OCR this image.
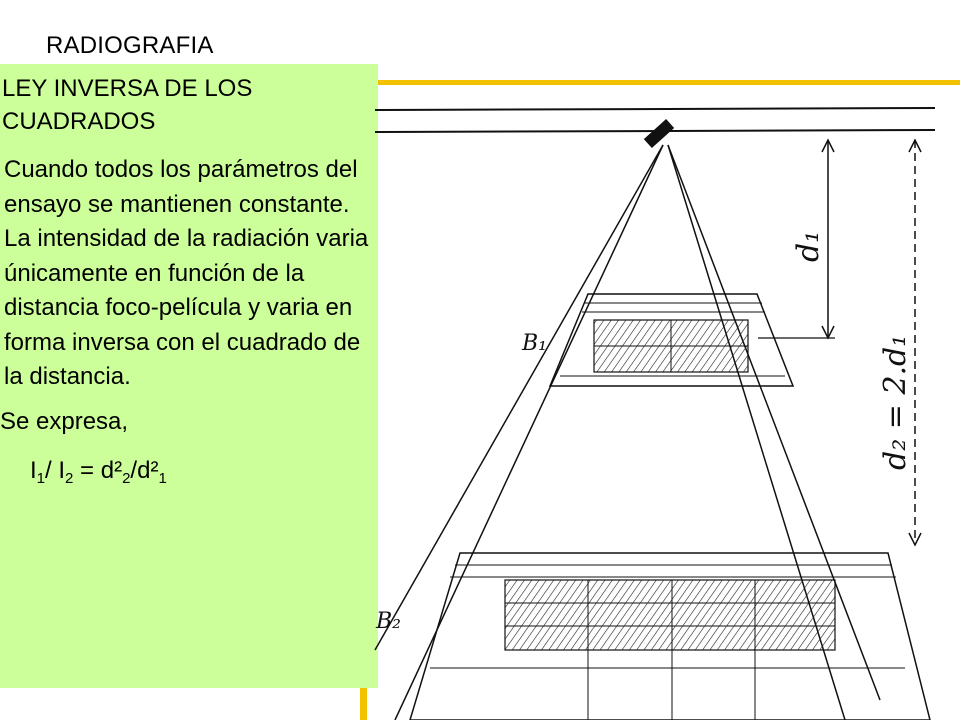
RADIOGRAFIA
LEY INVERSA DE LOS CUADRADOS
Cuando todos los parámetros del ensayo se mantienen constante. La intensidad de la radiación varia únicamente en función de la distancia foco-película y varia en forma inversa con el cuadrado de la distancia.
Se expresa,
$I_1/$ $I_2 = d^2_2/d^2_1$
d₁
d₂ = 2.d₁
B₁
B₂
